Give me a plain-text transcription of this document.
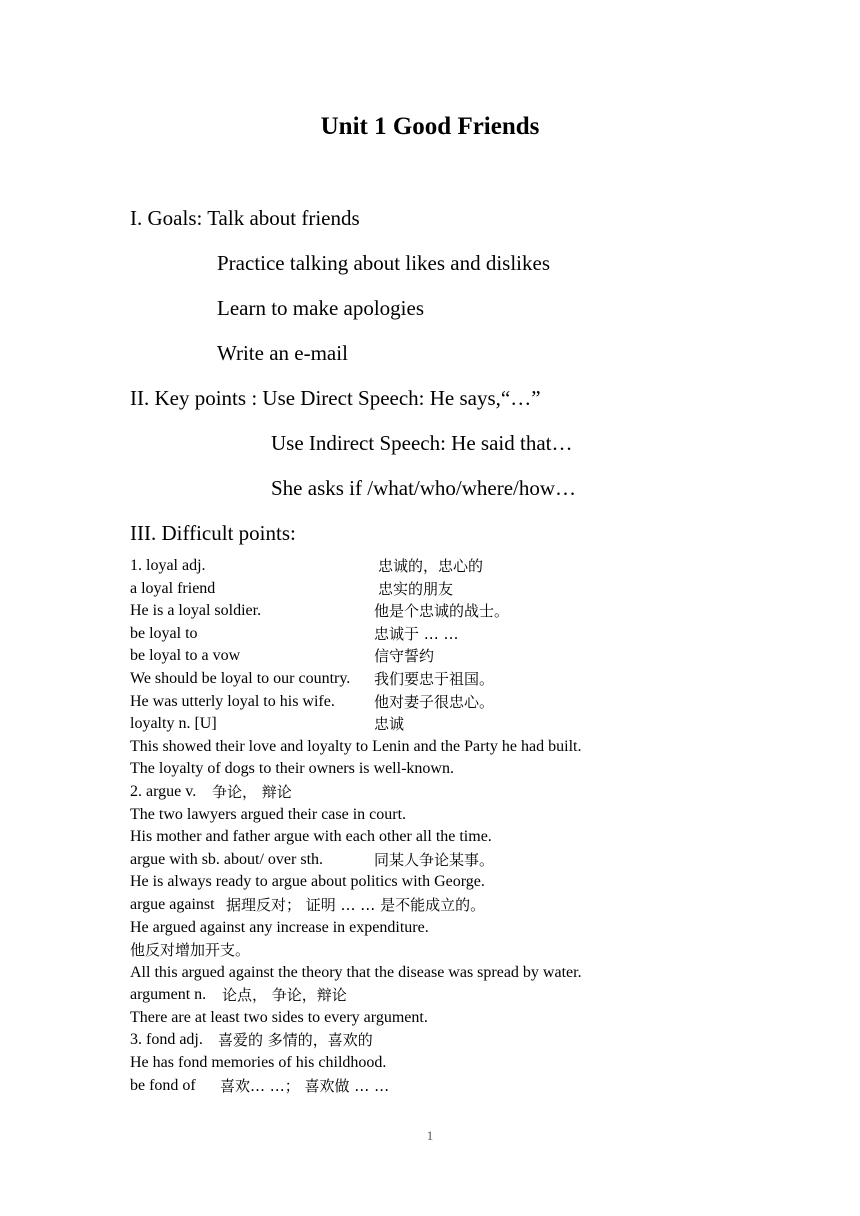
Unit 1 Good Friends
I. Goals: Talk about friends
Practice talking about likes and dislikes
Learn to make apologies
Write an e-mail
II. Key points : Use Direct Speech: He says,“…”
Use Indirect Speech: He said that…
She asks if /what/who/where/how…
III. Difficult points:
1. loyal adj.	忠诚的，忠心的
a loyal friend	忠实的朋友
He is a loyal soldier.	他是个忠诚的战士。
be loyal to	忠诚于 … …
be loyal to a vow	信守誓约
We should be loyal to our country. 我们要忠于祖国。
He was utterly loyal to his wife.	他对妻子很忠心。
loyalty n. [U]	忠诚
This showed their love and loyalty to Lenin and the Party he had built.
The loyalty of dogs to their owners is well-known.
2. argue v. 争论， 辩论
The two lawyers argued their case in court.
His mother and father argue with each other all the time.
argue with sb. about/ over sth.	同某人争论某事。
He is always ready to argue about politics with George.
argue against 据理反对； 证明 … … 是不能成立的。
He argued against any increase in expenditure.
他反对增加开支。
All this argued against the theory that the disease was spread by water.
argument n. 论点， 争论，辩论
There are at least two sides to every argument.
3. fond adj. 喜爱的 多情的，喜欢的
He has fond memories of his childhood.
be fond of 喜欢… …； 喜欢做 … …
1
